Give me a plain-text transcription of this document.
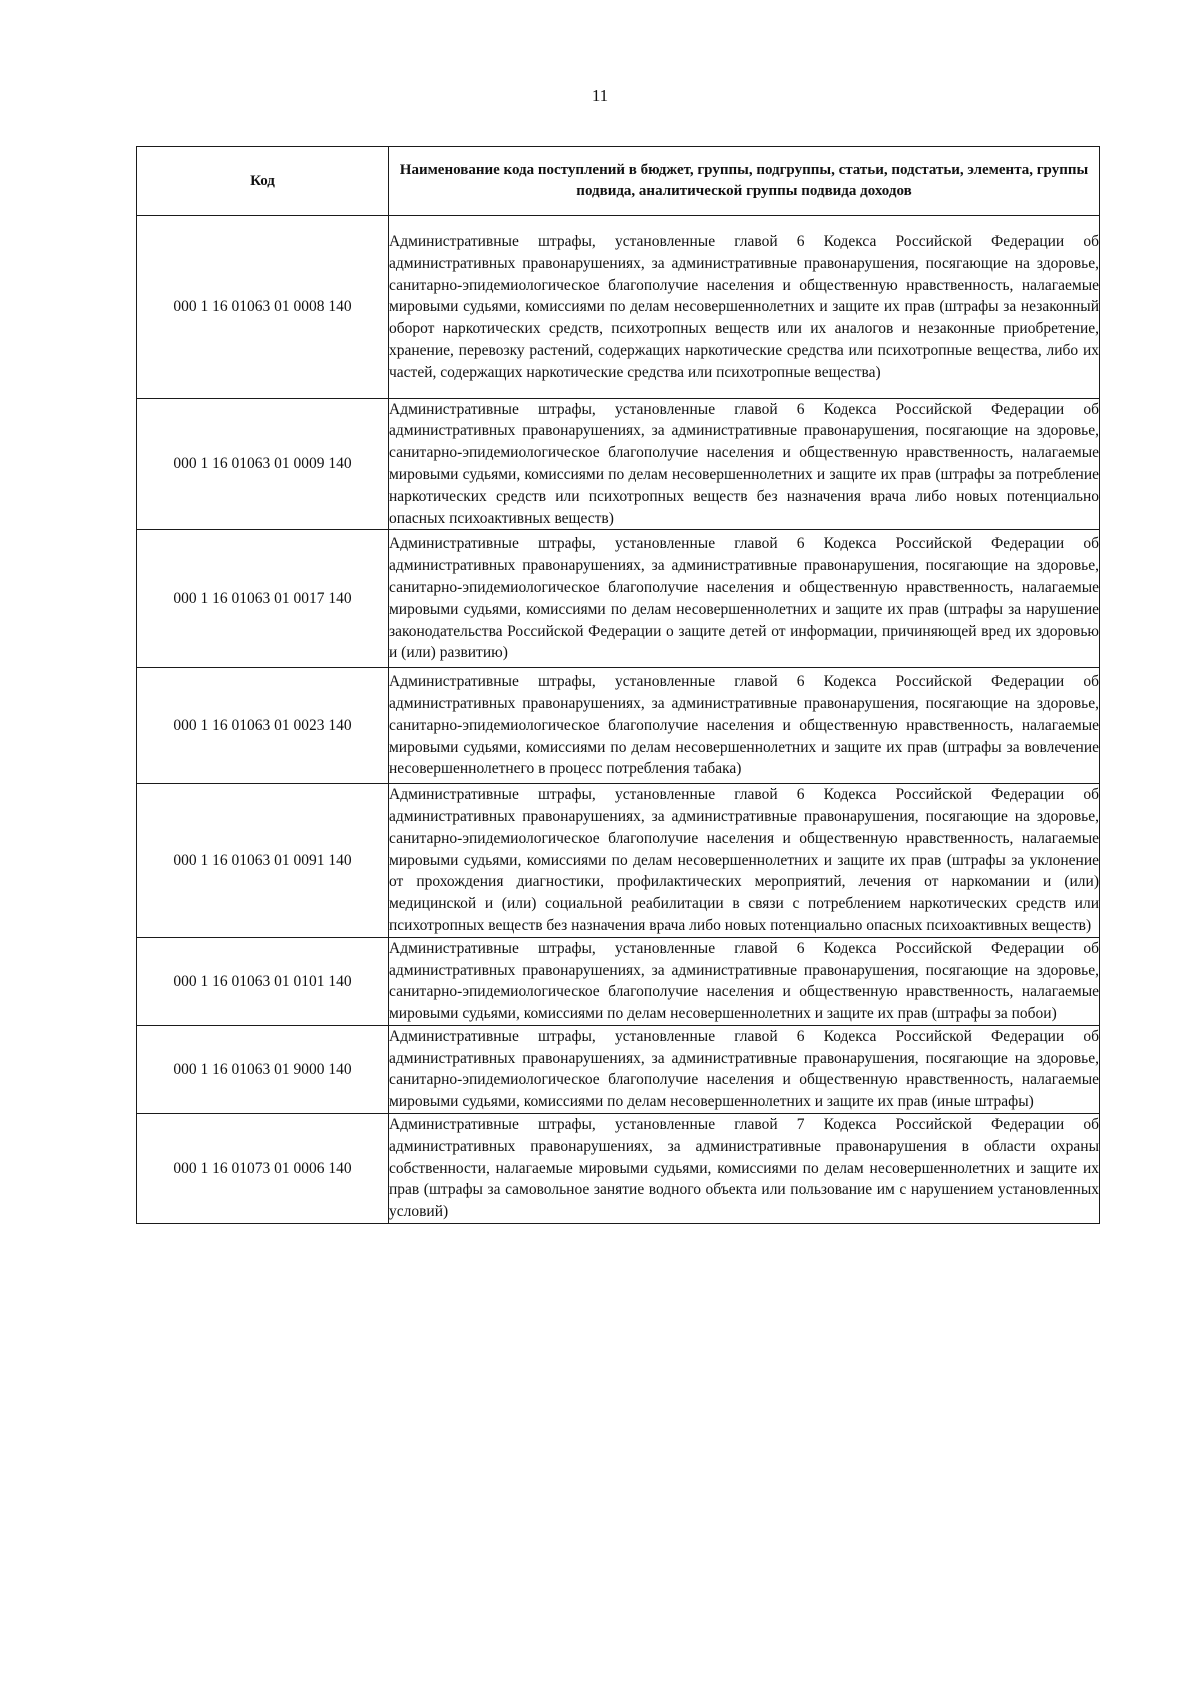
11
Код	Наименование кода поступлений в бюджет, группы, подгруппы, статьи, подстатьи, элемента, группы подвида, аналитической группы подвида доходов
000 1 16 01063 01 0008 140	Административные штрафы, установленные главой 6 Кодекса Российской Федерации об административных правонарушениях, за административные правонарушения, посягающие на здоровье, санитарно-эпидемиологическое благополучие населения и общественную нравственность, налагаемые мировыми судьями, комиссиями по делам несовершеннолетних и защите их прав (штрафы за незаконный оборот наркотических средств, психотропных веществ или их аналогов и незаконные приобретение, хранение, перевозку растений, содержащих наркотические средства или психотропные вещества, либо их частей, содержащих наркотические средства или психотропные вещества)
000 1 16 01063 01 0009 140	Административные штрафы, установленные главой 6 Кодекса Российской Федерации об административных правонарушениях, за административные правонарушения, посягающие на здоровье, санитарно-эпидемиологическое благополучие населения и общественную нравственность, налагаемые мировыми судьями, комиссиями по делам несовершеннолетних и защите их прав (штрафы за потребление наркотических средств или психотропных веществ без назначения врача либо новых потенциально опасных психоактивных веществ)
000 1 16 01063 01 0017 140	Административные штрафы, установленные главой 6 Кодекса Российской Федерации об административных правонарушениях, за административные правонарушения, посягающие на здоровье, санитарно-эпидемиологическое благополучие населения и общественную нравственность, налагаемые мировыми судьями, комиссиями по делам несовершеннолетних и защите их прав (штрафы за нарушение законодательства Российской Федерации о защите детей от информации, причиняющей вред их здоровью и (или) развитию)
000 1 16 01063 01 0023 140	Административные штрафы, установленные главой 6 Кодекса Российской Федерации об административных правонарушениях, за административные правонарушения, посягающие на здоровье, санитарно-эпидемиологическое благополучие населения и общественную нравственность, налагаемые мировыми судьями, комиссиями по делам несовершеннолетних и защите их прав (штрафы за вовлечение несовершеннолетнего в процесс потребления табака)
000 1 16 01063 01 0091 140	Административные штрафы, установленные главой 6 Кодекса Российской Федерации об административных правонарушениях, за административные правонарушения, посягающие на здоровье, санитарно-эпидемиологическое благополучие населения и общественную нравственность, налагаемые мировыми судьями, комиссиями по делам несовершеннолетних и защите их прав (штрафы за уклонение от прохождения диагностики, профилактических мероприятий, лечения от наркомании и (или) медицинской и (или) социальной реабилитации в связи с потреблением наркотических средств или психотропных веществ без назначения врача либо новых потенциально опасных психоактивных веществ)
000 1 16 01063 01 0101 140	Административные штрафы, установленные главой 6 Кодекса Российской Федерации об административных правонарушениях, за административные правонарушения, посягающие на здоровье, санитарно-эпидемиологическое благополучие населения и общественную нравственность, налагаемые мировыми судьями, комиссиями по делам несовершеннолетних и защите их прав (штрафы за побои)
000 1 16 01063 01 9000 140	Административные штрафы, установленные главой 6 Кодекса Российской Федерации об административных правонарушениях, за административные правонарушения, посягающие на здоровье, санитарно-эпидемиологическое благополучие населения и общественную нравственность, налагаемые мировыми судьями, комиссиями по делам несовершеннолетних и защите их прав (иные штрафы)
000 1 16 01073 01 0006 140	Административные штрафы, установленные главой 7 Кодекса Российской Федерации об административных правонарушениях, за административные правонарушения в области охраны собственности, налагаемые мировыми судьями, комиссиями по делам несовершеннолетних и защите их прав (штрафы за самовольное занятие водного объекта или пользование им с нарушением установленных условий)
